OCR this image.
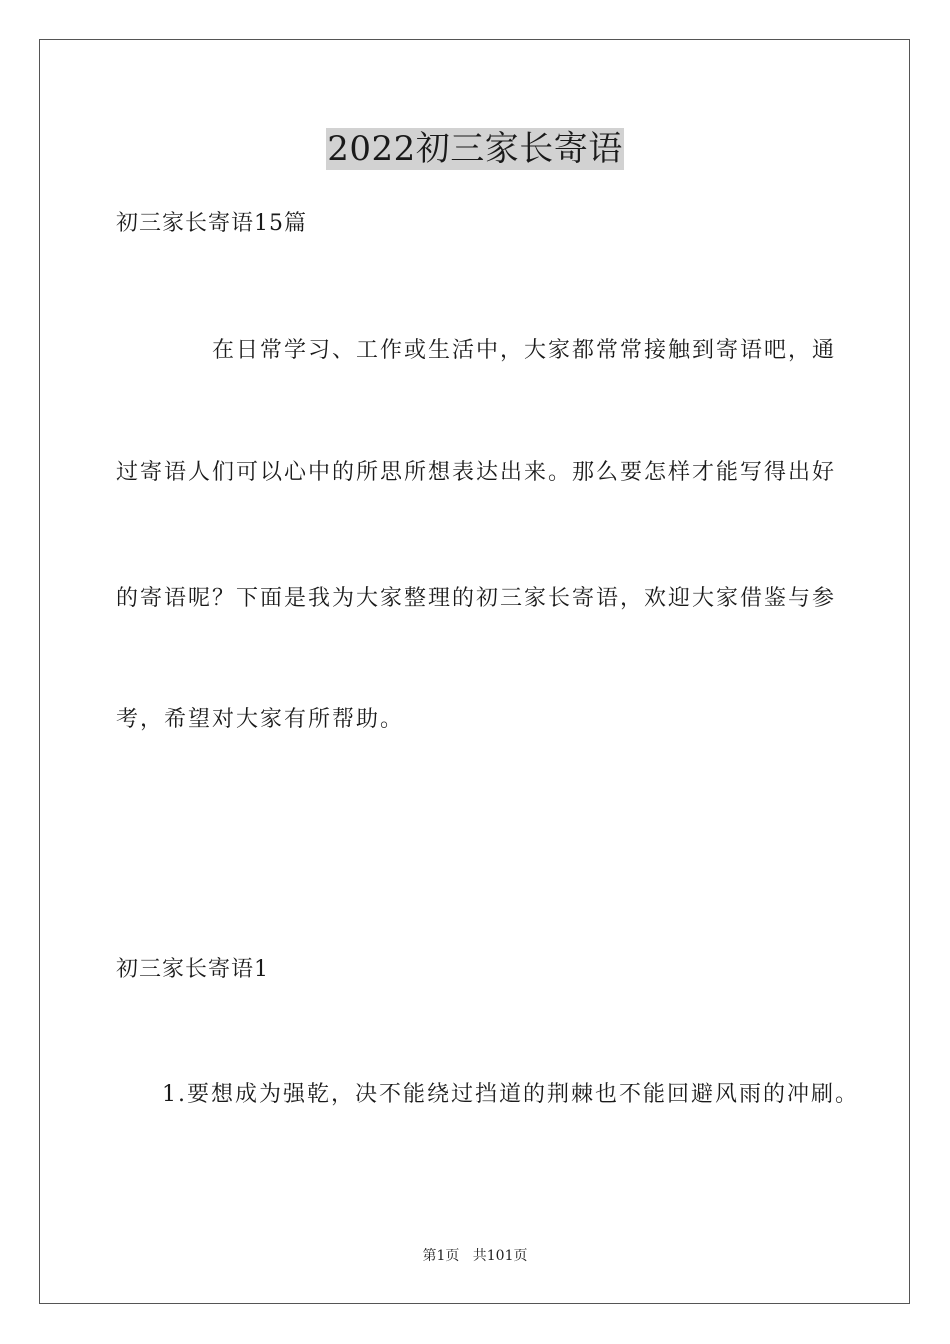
2022初三家长寄语
初三家长寄语15篇
在日常学习、工作或生活中，大家都常常接触到寄语吧，通
过寄语人们可以心中的所思所想表达出来。那么要怎样才能写得出好
的寄语呢？下面是我为大家整理的初三家长寄语，欢迎大家借鉴与参
考，希望对大家有所帮助。
初三家长寄语1
1.要想成为强乾，决不能绕过挡道的荆棘也不能回避风雨的冲刷。
第1页 共101页
